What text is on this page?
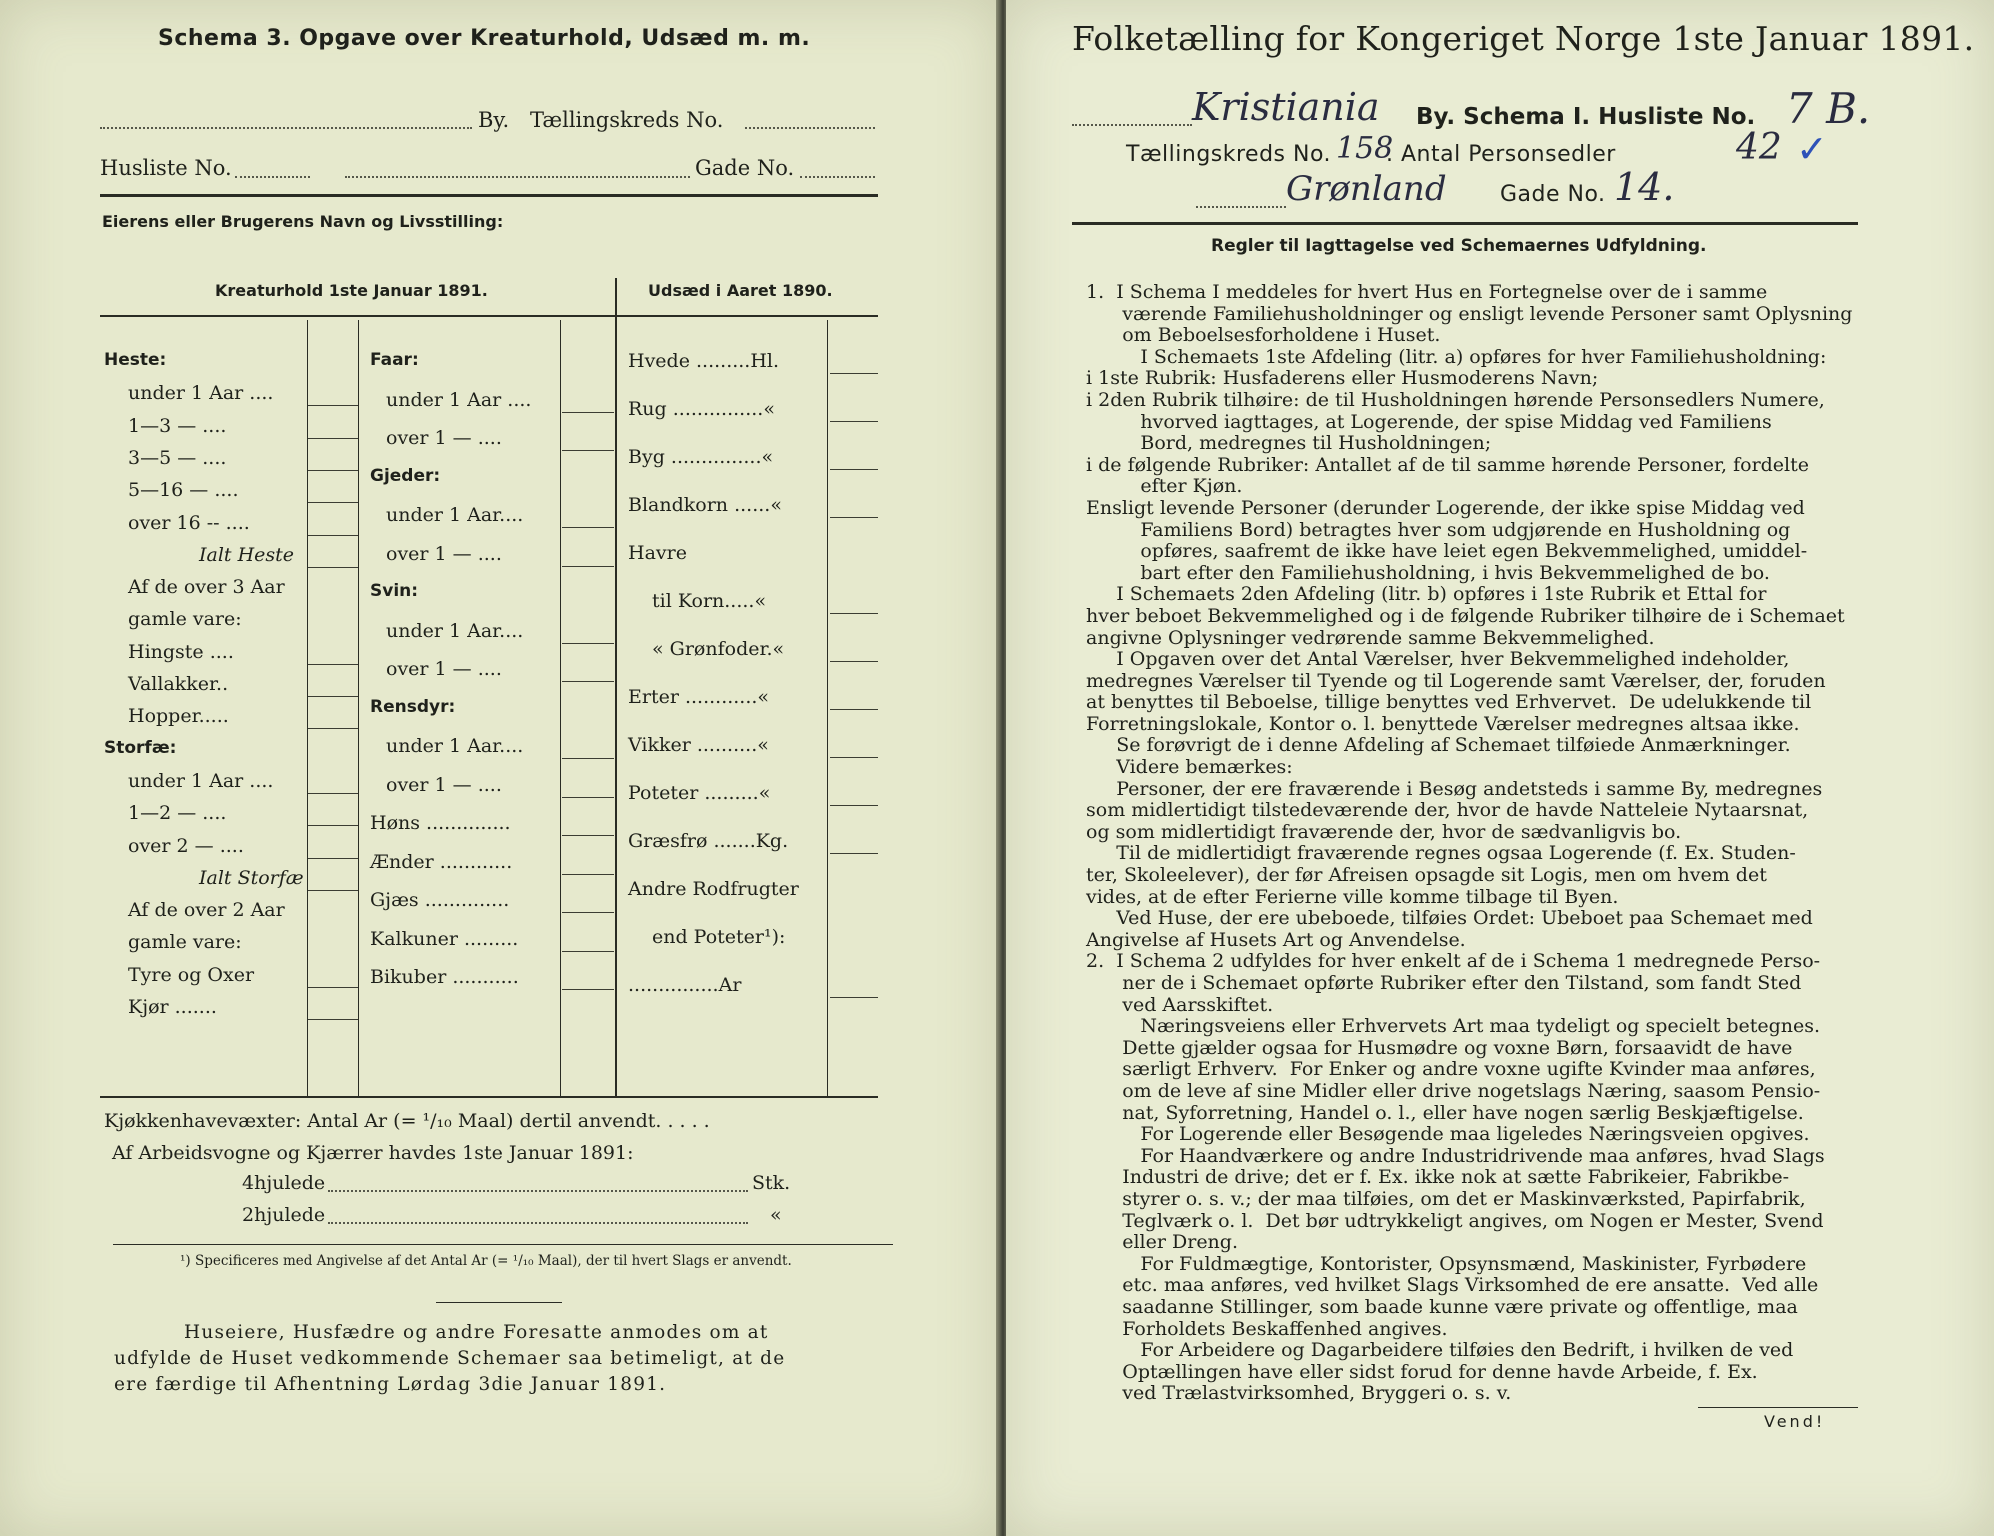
Schema 3. Opgave over Kreaturhold, Udsæd m. m.
By. Tællingskreds No.
Husliste No.	Gade No.
Eierens eller Brugerens Navn og Livsstilling:
Kreaturhold 1ste Januar 1891.	Udsæd i Aaret 1890.
Heste:
under 1 Aar ....
1—3 — ....
3—5 — ....
5—16 — ....
over 16 -- ....
Ialt Heste
Af de over 3 Aar
gamle vare:
Hingste ....
Vallakker..
Hopper.....
Storfæ:
under 1 Aar ....
1—2 — ....
over 2 — ....
Ialt Storfæ
Af de over 2 Aar
gamle vare:
Tyre og Oxer
Kjør .......
Faar:
under 1 Aar ....
over 1 — ....
Gjeder:
under 1 Aar....
over 1 — ....
Svin:
under 1 Aar....
over 1 — ....
Rensdyr:
under 1 Aar....
over 1 — ....
Høns ..............
Ænder ............
Gjæs ..............
Kalkuner .........
Bikuber ...........
Hvede .........Hl.
Rug ...............«
Byg ...............«
Blandkorn ......«
Havre
til Korn.....«
« Grønfoder.«
Erter ............«
Vikker ..........«
Poteter .........«
Græsfrø .......Kg.
Andre Rodfrugter
end Poteter¹):
...............Ar
Kjøkkenhavevæxter: Antal Ar (= ¹/₁₀ Maal) dertil anvendt. . . . .
Af Arbeidsvogne og Kjærrer havdes 1ste Januar 1891:
4hjulede	Stk.
2hjulede	«
¹) Specificeres med Angivelse af det Antal Ar (= ¹/₁₀ Maal), der til hvert Slags er anvendt.
Huseiere, Husfædre og andre Foresatte anmodes om at
udfylde de Huset vedkommende Schemaer saa betimeligt, at de
ere færdige til Afhentning Lørdag 3die Januar 1891.
Folketælling for Kongeriget Norge 1ste Januar 1891.
Kristiania By. Schema I. Husliste No. 7 B.
Tællingskreds No. 158
. Antal Personsedler	42 ✓
Grønland Gade No. 14.
Regler til Iagttagelse ved Schemaernes Udfyldning.
1.  I Schema I meddeles for hvert Hus en Fortegnelse over de i samme
værende Familiehusholdninger og ensligt levende Personer samt Oplysning
om Beboelsesforholdene i Huset.
I Schemaets 1ste Afdeling (litr. a) opføres for hver Familiehusholdning:
i 1ste Rubrik: Husfaderens eller Husmoderens Navn;
i 2den Rubrik tilhøire: de til Husholdningen hørende Personsedlers Numere,
hvorved iagttages, at Logerende, der spise Middag ved Familiens
Bord, medregnes til Husholdningen;
i de følgende Rubriker: Antallet af de til samme hørende Personer, fordelte
efter Kjøn.
Ensligt levende Personer (derunder Logerende, der ikke spise Middag ved
Familiens Bord) betragtes hver som udgjørende en Husholdning og
opføres, saafremt de ikke have leiet egen Bekvemmelighed, umiddel-
bart efter den Familiehusholdning, i hvis Bekvemmelighed de bo.
I Schemaets 2den Afdeling (litr. b) opføres i 1ste Rubrik et Ettal for
hver beboet Bekvemmelighed og i de følgende Rubriker tilhøire de i Schemaet
angivne Oplysninger vedrørende samme Bekvemmelighed.
I Opgaven over det Antal Værelser, hver Bekvemmelighed indeholder,
medregnes Værelser til Tyende og til Logerende samt Værelser, der, foruden
at benyttes til Beboelse, tillige benyttes ved Erhvervet.  De udelukkende til
Forretningslokale, Kontor o. l. benyttede Værelser medregnes altsaa ikke.
Se forøvrigt de i denne Afdeling af Schemaet tilføiede Anmærkninger.
Videre bemærkes:
Personer, der ere fraværende i Besøg andetsteds i samme By, medregnes
som midlertidigt tilstedeværende der, hvor de havde Natteleie Nytaarsnat,
og som midlertidigt fraværende der, hvor de sædvanligvis bo.
Til de midlertidigt fraværende regnes ogsaa Logerende (f. Ex. Studen-
ter, Skoleelever), der før Afreisen opsagde sit Logis, men om hvem det
vides, at de efter Ferierne ville komme tilbage til Byen.
Ved Huse, der ere ubeboede, tilføies Ordet: Ubeboet paa Schemaet med
Angivelse af Husets Art og Anvendelse.
2.  I Schema 2 udfyldes for hver enkelt af de i Schema 1 medregnede Perso-
ner de i Schemaet opførte Rubriker efter den Tilstand, som fandt Sted
ved Aarsskiftet.
Næringsveiens eller Erhvervets Art maa tydeligt og specielt betegnes.
Dette gjælder ogsaa for Husmødre og voxne Børn, forsaavidt de have
særligt Erhverv.  For Enker og andre voxne ugifte Kvinder maa anføres,
om de leve af sine Midler eller drive nogetslags Næring, saasom Pensio-
nat, Syforretning, Handel o. l., eller have nogen særlig Beskjæftigelse.
For Logerende eller Besøgende maa ligeledes Næringsveien opgives.
For Haandværkere og andre Industridrivende maa anføres, hvad Slags
Industri de drive; det er f. Ex. ikke nok at sætte Fabrikeier, Fabrikbe-
styrer o. s. v.; der maa tilføies, om det er Maskinværksted, Papirfabrik,
Teglværk o. l.  Det bør udtrykkeligt angives, om Nogen er Mester, Svend
eller Dreng.
For Fuldmægtige, Kontorister, Opsynsmænd, Maskinister, Fyrbødere
etc. maa anføres, ved hvilket Slags Virksomhed de ere ansatte.  Ved alle
saadanne Stillinger, som baade kunne være private og offentlige, maa
Forholdets Beskaffenhed angives.
For Arbeidere og Dagarbeidere tilføies den Bedrift, i hvilken de ved
Optællingen have eller sidst forud for denne havde Arbeide, f. Ex.
ved Trælastvirksomhed, Bryggeri o. s. v.
Vend!
